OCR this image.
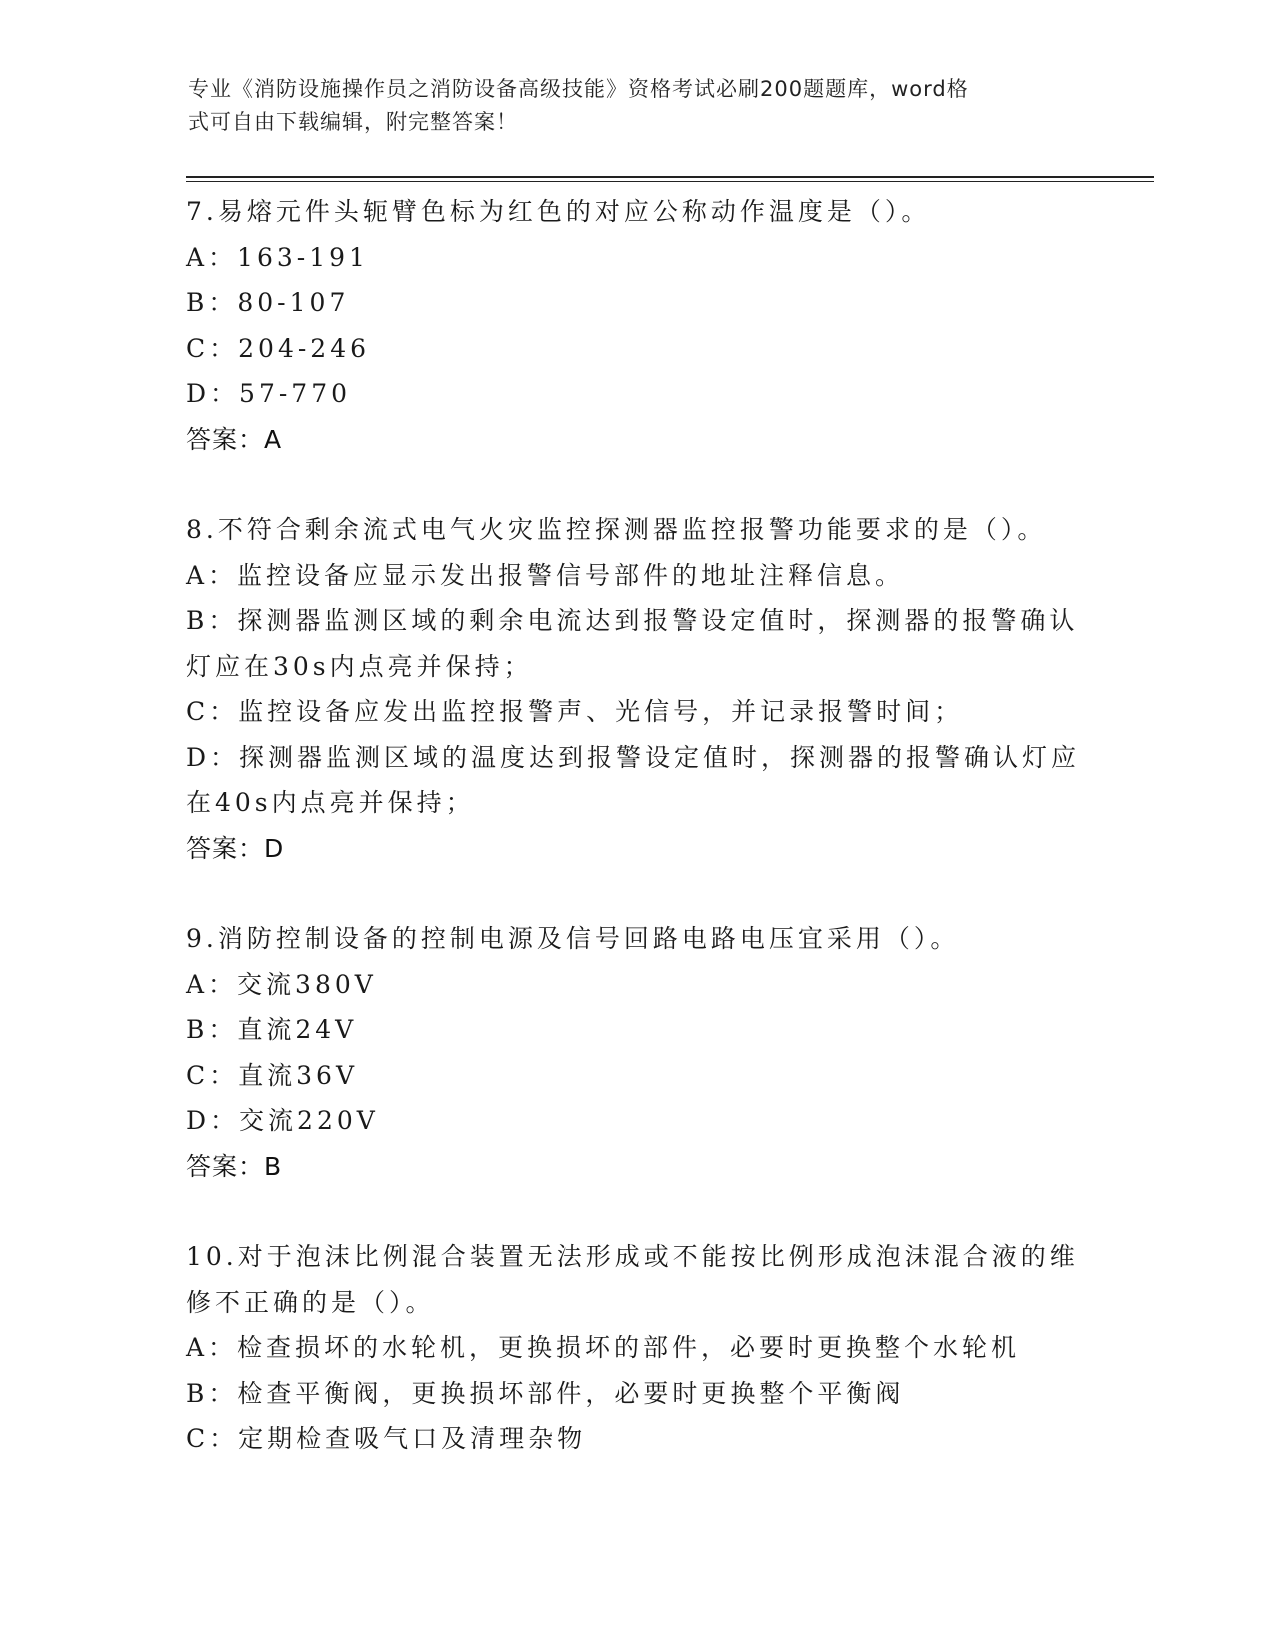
专业《消防设施操作员之消防设备高级技能》资格考试必刷200题题库，word格
式可自由下载编辑，附完整答案！
7.易熔元件头轭臂色标为红色的对应公称动作温度是（）。
A：163-191
B：80-107
C：204-246
D：57-770
答案：A
8.不符合剩余流式电气火灾监控探测器监控报警功能要求的是（）。
A：监控设备应显示发出报警信号部件的地址注释信息。
B：探测器监测区域的剩余电流达到报警设定值时，探测器的报警确认
灯应在30s内点亮并保持；
C：监控设备应发出监控报警声、光信号，并记录报警时间；
D：探测器监测区域的温度达到报警设定值时，探测器的报警确认灯应
在40s内点亮并保持；
答案：D
9.消防控制设备的控制电源及信号回路电路电压宜采用（）。
A：交流380V
B：直流24V
C：直流36V
D：交流220V
答案：B
10.对于泡沫比例混合装置无法形成或不能按比例形成泡沫混合液的维
修不正确的是（）。
A：检查损坏的水轮机，更换损坏的部件，必要时更换整个水轮机
B：检查平衡阀，更换损坏部件，必要时更换整个平衡阀
C：定期检查吸气口及清理杂物
